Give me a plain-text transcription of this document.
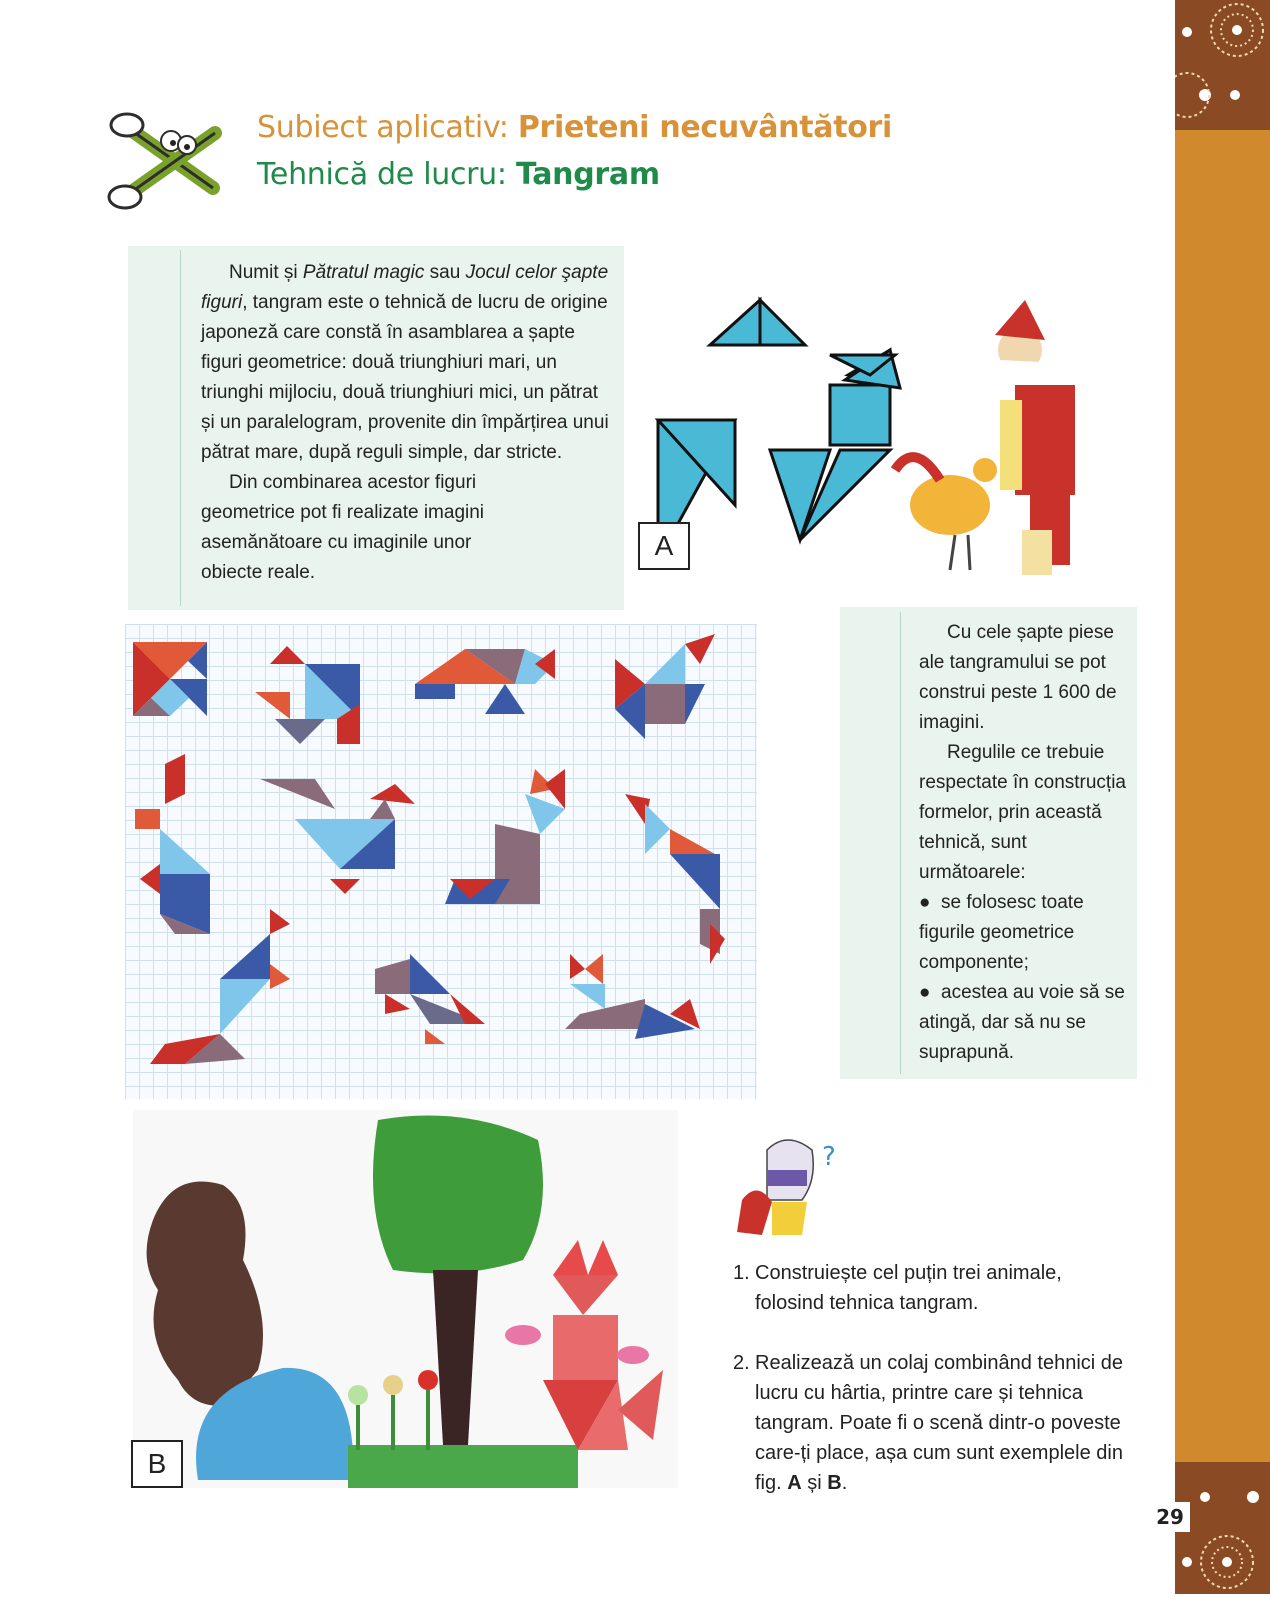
29
Subiect aplicativ: Prieteni necuvântători
Tehnică de lucru: Tangram

Numit și Pătratul magic sau Jocul celor şapte figuri, tangram este o tehnică de lucru de origine japoneză care constă în asamblarea a șapte figuri geometrice: două triunghiuri mari, un triunghi mijlociu, două triunghiuri mici, un pătrat și un paralelogram, provenite din împărțirea unui pătrat mare, după reguli simple, dar stricte.

Din combinarea acestor figuri geometrice pot fi realizate imagini asemănătoare cu imaginile unor obiecte reale.

A

Cu cele șapte piese ale tangramului se pot construi peste 1 600 de imagini.

Regulile ce trebuie respectate în construcția formelor, prin această tehnică, sunt următoarele:

●  se folosesc toate figurile geometrice componente;
●  acestea au voie să se atingă, dar să nu se suprapună.
B
?
1. Construiește cel puțin trei animale, folosind tehnica tangram.
2. Realizează un colaj combinând tehnici de lucru cu hârtia, printre care și tehnica tangram. Poate fi o scenă dintr-o poveste care-ți place, așa cum sunt exemplele din fig. A și B.
